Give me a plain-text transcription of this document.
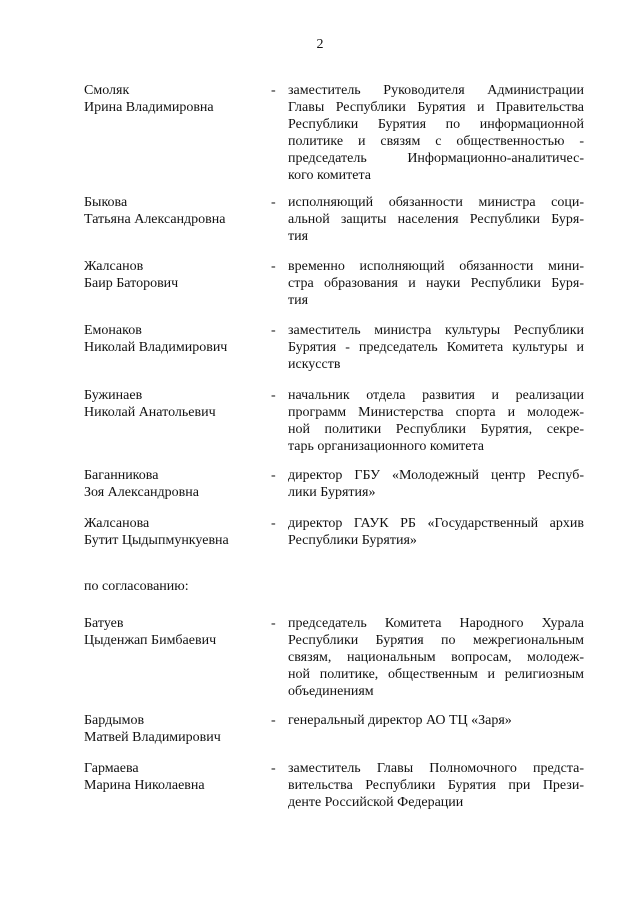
2
Смоляк
Ирина Владимировна
- заместитель Руководителя Администрации
Главы Республики Бурятия и Правительства
Республики Бурятия по информационной
политике и связям с общественностью -
председатель Информационно-аналитичес-
кого комитета
Быкова
Татьяна Александровна
- исполняющий обязанности министра соци-
альной защиты населения Республики Буря-
тия
Жалсанов
Баир Баторович
- временно исполняющий обязанности мини-
стра образования и науки Республики Буря-
тия
Емонаков
Николай Владимирович
- заместитель министра культуры Республики
Бурятия - председатель Комитета культуры и
искусств
Бужинаев
Николай Анатольевич
- начальник отдела развития и реализации
программ Министерства спорта и молодеж-
ной политики Республики Бурятия, секре-
тарь организационного комитета
Баганникова
Зоя Александровна
- директор ГБУ «Молодежный центр Респуб-
лики Бурятия»
Жалсанова
Бутит Цыдыпмункуевна
- директор ГАУК РБ «Государственный архив
Республики Бурятия»
по согласованию:
Батуев
Цыденжап Бимбаевич
- председатель Комитета Народного Хурала
Республики Бурятия по межрегиональным
связям, национальным вопросам, молодеж-
ной политике, общественным и религиозным
объединениям
Бардымов
Матвей Владимирович
- генеральный директор АО ТЦ «Заря»
Гармаева
Марина Николаевна
- заместитель Главы Полномочного предста-
вительства Республики Бурятия при Прези-
денте Российской Федерации
